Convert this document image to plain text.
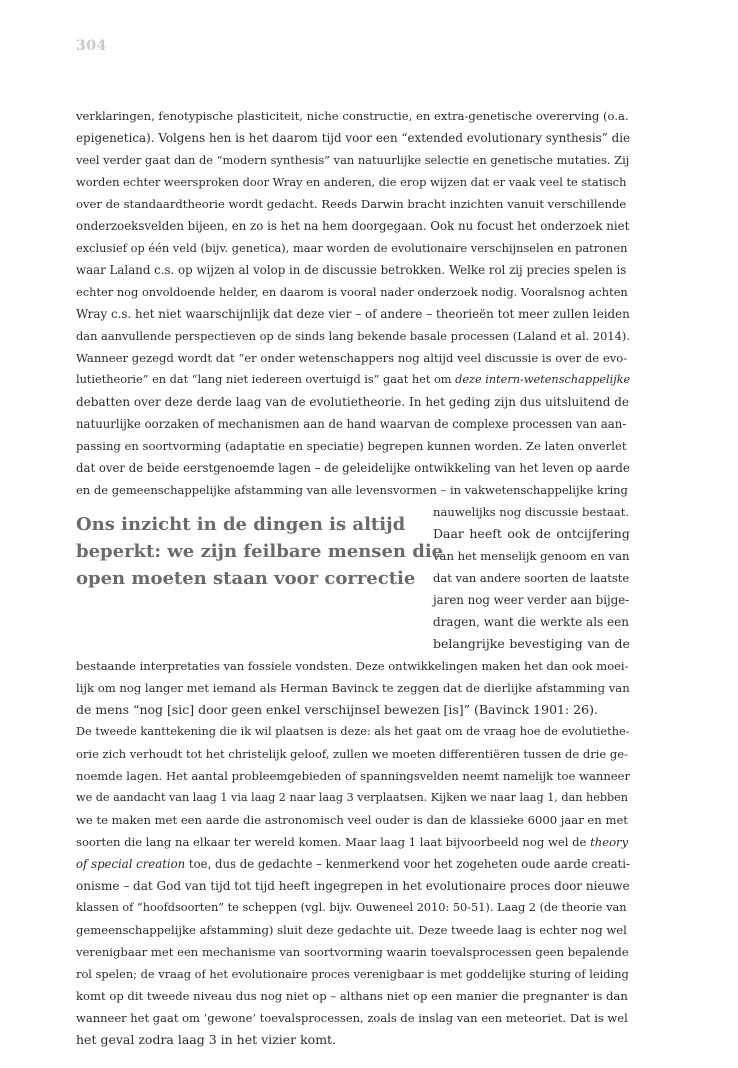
304
verklaringen, fenotypische plasticiteit, niche constructie, en extra-genetische overerving (o.a.
epigenetica). Volgens hen is het daarom tijd voor een “extended evolutionary synthesis” die
veel verder gaat dan de “modern synthesis” van natuurlijke selectie en genetische mutaties. Zij
worden echter weersproken door Wray en anderen, die erop wijzen dat er vaak veel te statisch
over de standaardtheorie wordt gedacht. Reeds Darwin bracht inzichten vanuit verschillende
onderzoeksvelden bijeen, en zo is het na hem doorgegaan. Ook nu focust het onderzoek niet
exclusief op één veld (bijv. genetica), maar worden de evolutionaire verschijnselen en patronen
waar Laland c.s. op wijzen al volop in de discussie betrokken. Welke rol zij precies spelen is
echter nog onvoldoende helder, en daarom is vooral nader onderzoek nodig. Vooralsnog achten
Wray c.s. het niet waarschijnlijk dat deze vier – of andere – theorieën tot meer zullen leiden
dan aanvullende perspectieven op de sinds lang bekende basale processen (Laland et al. 2014).
Wanneer gezegd wordt dat “er onder wetenschappers nog altijd veel discussie is over de evo-
lutietheorie” en dat “lang niet iedereen overtuigd is” gaat het om deze intern-wetenschappelijke
debatten over deze derde laag van de evolutietheorie. In het geding zijn dus uitsluitend de
natuurlijke oorzaken of mechanismen aan de hand waarvan de complexe processen van aan-
passing en soortvorming (adaptatie en speciatie) begrepen kunnen worden. Ze laten onverlet
dat over de beide eerstgenoemde lagen – de geleidelijke ontwikkeling van het leven op aarde
en de gemeenschappelijke afstamming van alle levensvormen – in vakwetenschappelijke kring
nauwelijks nog discussie bestaat.
Daar heeft ook de ontcijfering
van het menselijk genoom en van
dat van andere soorten de laatste
jaren nog weer verder aan bijge-
dragen, want die werkte als een
belangrijke bevestiging van de
bestaande interpretaties van fossiele vondsten. Deze ontwikkelingen maken het dan ook moei-
lijk om nog langer met iemand als Herman Bavinck te zeggen dat de dierlijke afstamming van
de mens “nog [sic] door geen enkel verschijnsel bewezen [is]” (Bavinck 1901: 26).
De tweede kanttekening die ik wil plaatsen is deze: als het gaat om de vraag hoe de evolutiethe-
orie zich verhoudt tot het christelijk geloof, zullen we moeten differentiëren tussen de drie ge-
noemde lagen. Het aantal probleemgebieden of spanningsvelden neemt namelijk toe wanneer
we de aandacht van laag 1 via laag 2 naar laag 3 verplaatsen. Kijken we naar laag 1, dan hebben
we te maken met een aarde die astronomisch veel ouder is dan de klassieke 6000 jaar en met
soorten die lang na elkaar ter wereld komen. Maar laag 1 laat bijvoorbeeld nog wel de theory
of special creation toe, dus de gedachte – kenmerkend voor het zogeheten oude aarde creati-
onisme – dat God van tijd tot tijd heeft ingegrepen in het evolutionaire proces door nieuwe
klassen of “hoofdsoorten” te scheppen (vgl. bijv. Ouweneel 2010: 50-51). Laag 2 (de theorie van
gemeenschappelijke afstamming) sluit deze gedachte uit. Deze tweede laag is echter nog wel
verenigbaar met een mechanisme van soortvorming waarin toevalsprocessen geen bepalende
rol spelen; de vraag of het evolutionaire proces verenigbaar is met goddelijke sturing of leiding
komt op dit tweede niveau dus nog niet op – althans niet op een manier die pregnanter is dan
wanneer het gaat om ‘gewone’ toevalsprocessen, zoals de inslag van een meteoriet. Dat is wel
het geval zodra laag 3 in het vizier komt.
Ons inzicht in de dingen is altijd
beperkt: we zijn feilbare mensen die
open moeten staan voor correctie
